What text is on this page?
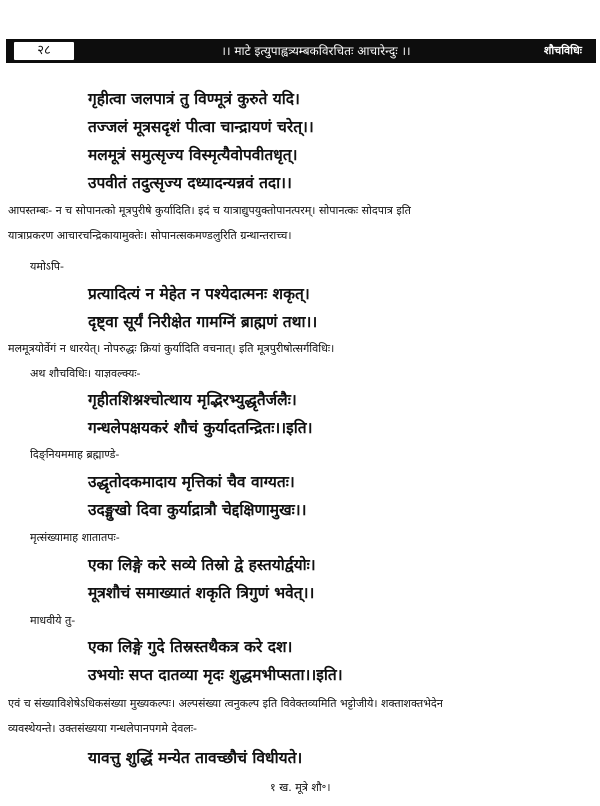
२८	।। माटे इत्युपाह्वत्र्यम्बकविरचितः आचारेन्दुः ।।	शौचविधिः
गृहीत्वा जलपात्रं तु विण्मूत्रं कुरुते यदि।
तज्जलं मूत्रसदृशं पीत्वा चान्द्रायणं चरेत्।।
मलमूत्रं समुत्सृज्य विस्मृत्यैवोपवीतधृत्।
उपवीतं तदुत्सृज्य दध्यादन्यन्नवं तदा।।
आपस्तम्बः- न च सोपानत्को मूत्रपुरीषे कुर्यादिति। इदं च यात्राद्युपयुक्तोपानत्परम्। सोपानत्कः सोदपात्र इति
यात्राप्रकरण आचारचन्द्रिकायामुक्तेः। सोपानत्सकमण्डलुरिति ग्रन्थान्तराच्च।
यमोऽपि-
प्रत्यादित्यं न मेहेत न पश्येदात्मनः शकृत्।
दृष्ट्वा सूर्यं निरीक्षेत गामग्निं ब्राह्मणं तथा।।
मलमूत्रयोर्वेगं न धारयेत्। नोपरुद्धः क्रियां कुर्यादिति वचनात्। इति मूत्रपुरीषोत्सर्गविधिः।
अथ शौचविधिः। याज्ञवल्क्यः-
गृहीतशिश्नश्चोत्थाय मृद्भिरभ्युद्धृतैर्जलैः।
गन्धलेपक्षयकरं शौचं कुर्यादतन्द्रितः।।इति।
दिङ्नियममाह ब्रह्माण्डे-
उद्धृतोदकमादाय मृत्तिकां चैव वाग्यतः।
उदङ्मुखो दिवा कुर्याद्रात्रौ चेद्दक्षिणामुखः।।
मृत्संख्यामाह शातातपः-
एका लिङ्गे करे सव्ये तिस्रो द्वे हस्तयोर्द्वयोः।
मूत्रशौचं समाख्यातं शकृति त्रिगुणं भवेत्।।
माधवीये तु-
एका लिङ्गे गुदे तिस्रस्तथैकत्र करे दश।
उभयोः सप्त दातव्या मृदः शुद्धमभीप्सता।।इति।
एवं च संख्याविशेषेऽधिकसंख्या मुख्यकल्पः। अल्पसंख्या त्वनुकल्प इति विवेक्तव्यमिति भट्टोजीये। शक्ताशक्तभेदेन
व्यवस्थेयन्ते। उक्तसंख्यया गन्धलेपानपगमे देवलः-
यावत्तु शुद्धिं मन्येत तावच्छौचं विधीयते।
१ ख. मूत्रे शौ॰।
